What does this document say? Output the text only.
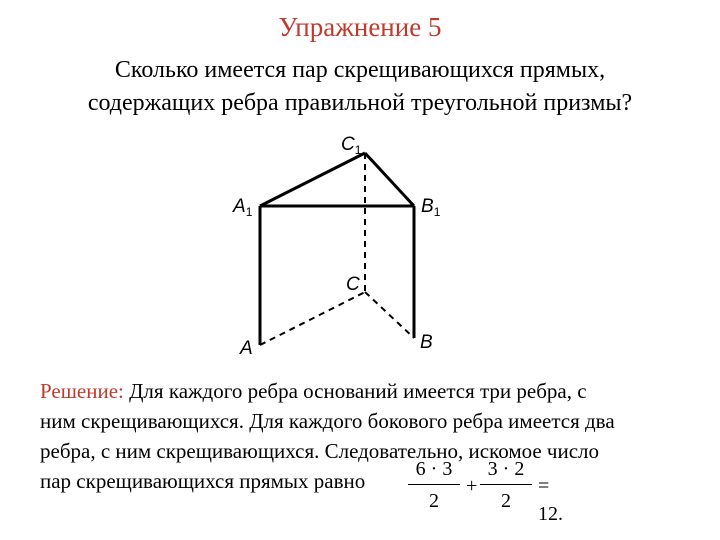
Упражнение 5
Сколько имеется пар скрещивающихся прямых,
содержащих ребра правильной треугольной призмы?
$C_1$
$A_1$	$B_1$
C
A	B
Решение: Для каждого ребра оснований имеется три ребра, с
ним скрещивающихся. Для каждого бокового ребра имеется два
ребра, с ним скрещивающихся. Следовательно, искомое число
пар скрещивающихся прямых равно	6 · 3
2
+
3 · 2
2
= 12.
